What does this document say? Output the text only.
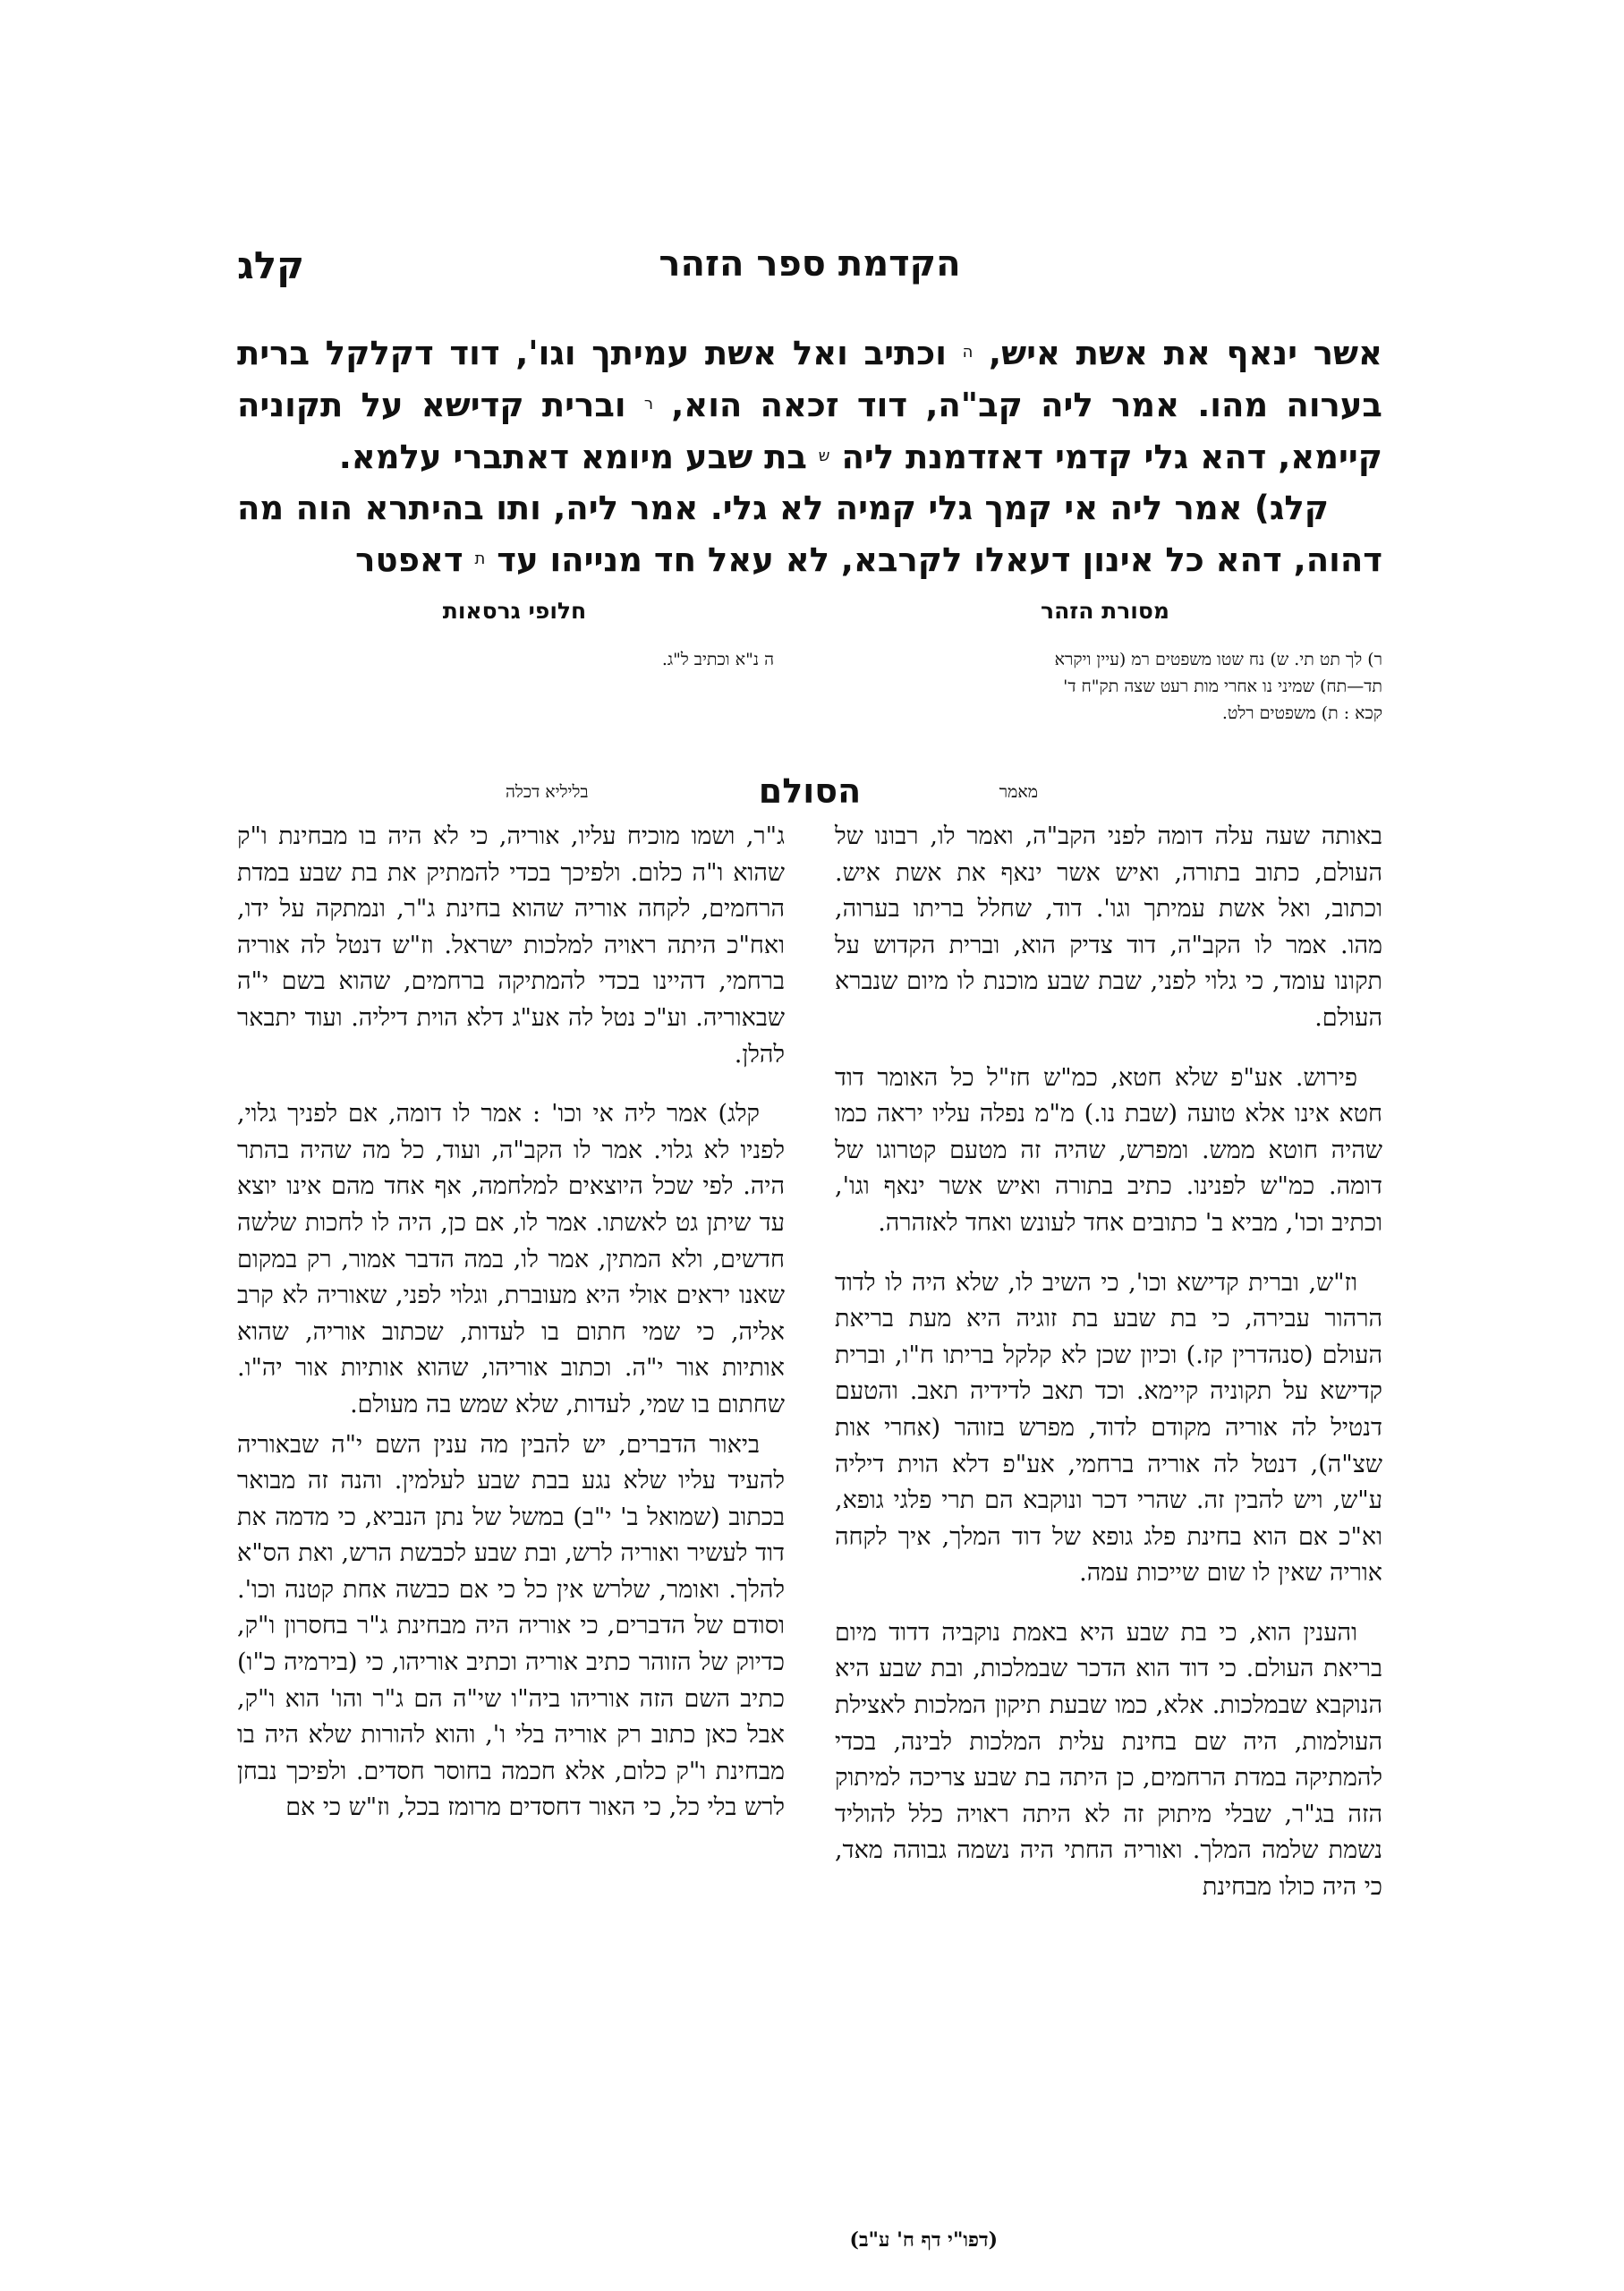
הקדמת ספר הזהר
קלג

אשר ינאף את אשת איש, $^ה$ וכתיב ואל אשת עמיתך וגו', דוד דקלקל ברית בערוה מהו. אמר ליה קב"ה, דוד זכאה הוא, $^ר$ וברית קדישא על תקוניה קיימא, דהא גלי קדמי דאזדמנת ליה $^ש$ בת שבע מיומא דאתברי עלמא.

קלג) אמר ליה אי קמך גלי קמיה לא גלי. אמר ליה, ותו בהיתרא הוה מה דהוה, דהא כל אינון דעאלו לקרבא, לא עאל חד מנייהו עד $^ת$ דאפטר

מסורת הזהר
ר) לך תט תי. ש) נח שטו משפטים רמ (עיין ויקרא
תד—תח) שמיני נו אחרי מות רעט שצה תק"ח ד'
קכא : ת) משפטים רלט.
חלופי גרסאות
ה נ"א וכתיב ל"ג.
מאמר
הסולם
בליליא דכלה

באותה שעה עלה דומה לפני הקב"ה, ואמר לו, רבונו של העולם, כתוב בתורה, ואיש אשר ינאף את אשת איש. וכתוב, ואל אשת עמיתך וגו'. דוד, שחלל בריתו בערוה, מהו. אמר לו הקב"ה, דוד צדיק הוא, וברית הקדוש על תקונו עומד, כי גלוי לפני, שבת שבע מוכנת לו מיום שנברא העולם.

פירוש. אע"פ שלא חטא, כמ"ש חז"ל כל האומר דוד חטא אינו אלא טועה (שבת נו.) מ"מ נפלה עליו יראה כמו שהיה חוטא ממש. ומפרש, שהיה זה מטעם קטרוגו של דומה. כמ"ש לפנינו. כתיב בתורה ואיש אשר ינאף וגו', וכתיב וכו', מביא ב' כתובים אחד לעונש ואחד לאזהרה.

וז"ש, וברית קדישא וכו', כי השיב לו, שלא היה לו לדוד הרהור עבירה, כי בת שבע בת זוגיה היא מעת בריאת העולם (סנהדרין קז.) וכיון שכן לא קלקל בריתו ח"ו, וברית קדישא על תקוניה קיימא. וכד תאב לדידיה תאב. והטעם דנטיל לה אוריה מקודם לדוד, מפרש בזוהר (אחרי אות שצ"ה), דנטל לה אוריה ברחמי, אע"פ דלא הוית דיליה ע"ש, ויש להבין זה. שהרי דכר ונוקבא הם תרי פלגי גופא, וא"כ אם הוא בחינת פלג גופא של דוד המלך, איך לקחה אוריה שאין לו שום שייכות עמה.

והענין הוא, כי בת שבע היא באמת נוקביה דדוד מיום בריאת העולם. כי דוד הוא הדכר שבמלכות, ובת שבע היא הנוקבא שבמלכות. אלא, כמו שבעת תיקון המלכות לאצילת העולמות, היה שם בחינת עלית המלכות לבינה, בכדי להמתיקה במדת הרחמים, כן היתה בת שבע צריכה למיתוק הזה בג"ר, שבלי מיתוק זה לא היתה ראויה כלל להוליד נשמת שלמה המלך. ואוריה החתי היה נשמה גבוהה מאד, כי היה כולו מבחינת

ג"ר, ושמו מוכיח עליו, אוריה, כי לא היה בו מבחינת ו"ק שהוא ו"ה כלום. ולפיכך בכדי להמתיק את בת שבע במדת הרחמים, לקחה אוריה שהוא בחינת ג"ר, ונמתקה על ידו, ואח"כ היתה ראויה למלכות ישראל. וז"ש דנטל לה אוריה ברחמי, דהיינו בכדי להמתיקה ברחמים, שהוא בשם י"ה שבאוריה. וע"כ נטל לה אע"ג דלא הוית דיליה. ועוד יתבאר להלן.

קלג) אמר ליה אי וכו' : אמר לו דומה, אם לפניך גלוי, לפניו לא גלוי. אמר לו הקב"ה, ועוד, כל מה שהיה בהתר היה. לפי שכל היוצאים למלחמה, אף אחד מהם אינו יוצא עד שיתן גט לאשתו. אמר לו, אם כן, היה לו לחכות שלשה חדשים, ולא המתין, אמר לו, במה הדבר אמור, רק במקום שאנו יראים אולי היא מעוברת, וגלוי לפני, שאוריה לא קרב אליה, כי שמי חתום בו לעדות, שכתוב אוריה, שהוא אותיות אור י"ה. וכתוב אוריהו, שהוא אותיות אור יה"ו. שחתום בו שמי, לעדות, שלא שמש בה מעולם.

ביאור הדברים, יש להבין מה ענין השם י"ה שבאוריה להעיד עליו שלא נגע בבת שבע לעלמין. והנה זה מבואר בכתוב (שמואל ב' י"ב) במשל של נתן הנביא, כי מדמה את דוד לעשיר ואוריה לרש, ובת שבע לכבשת הרש, ואת הס"א להלך. ואומר, שלרש אין כל כי אם כבשה אחת קטנה וכו'. וסודם של הדברים, כי אוריה היה מבחינת ג"ר בחסרון ו"ק, כדיוק של הזוהר כתיב אוריה וכתיב אוריהו, כי (בירמיה כ"ו) כתיב השם הזה אוריהו ביה"ו שי"ה הם ג"ר והו' הוא ו"ק, אבל כאן כתוב רק אוריה בלי ו', והוא להורות שלא היה בו מבחינת ו"ק כלום, אלא חכמה בחוסר חסדים. ולפיכך נבחן לרש בלי כל, כי האור דחסדים מרומז בכל, וז"ש כי אם

(דפו"י דף ח' ע"ב)
